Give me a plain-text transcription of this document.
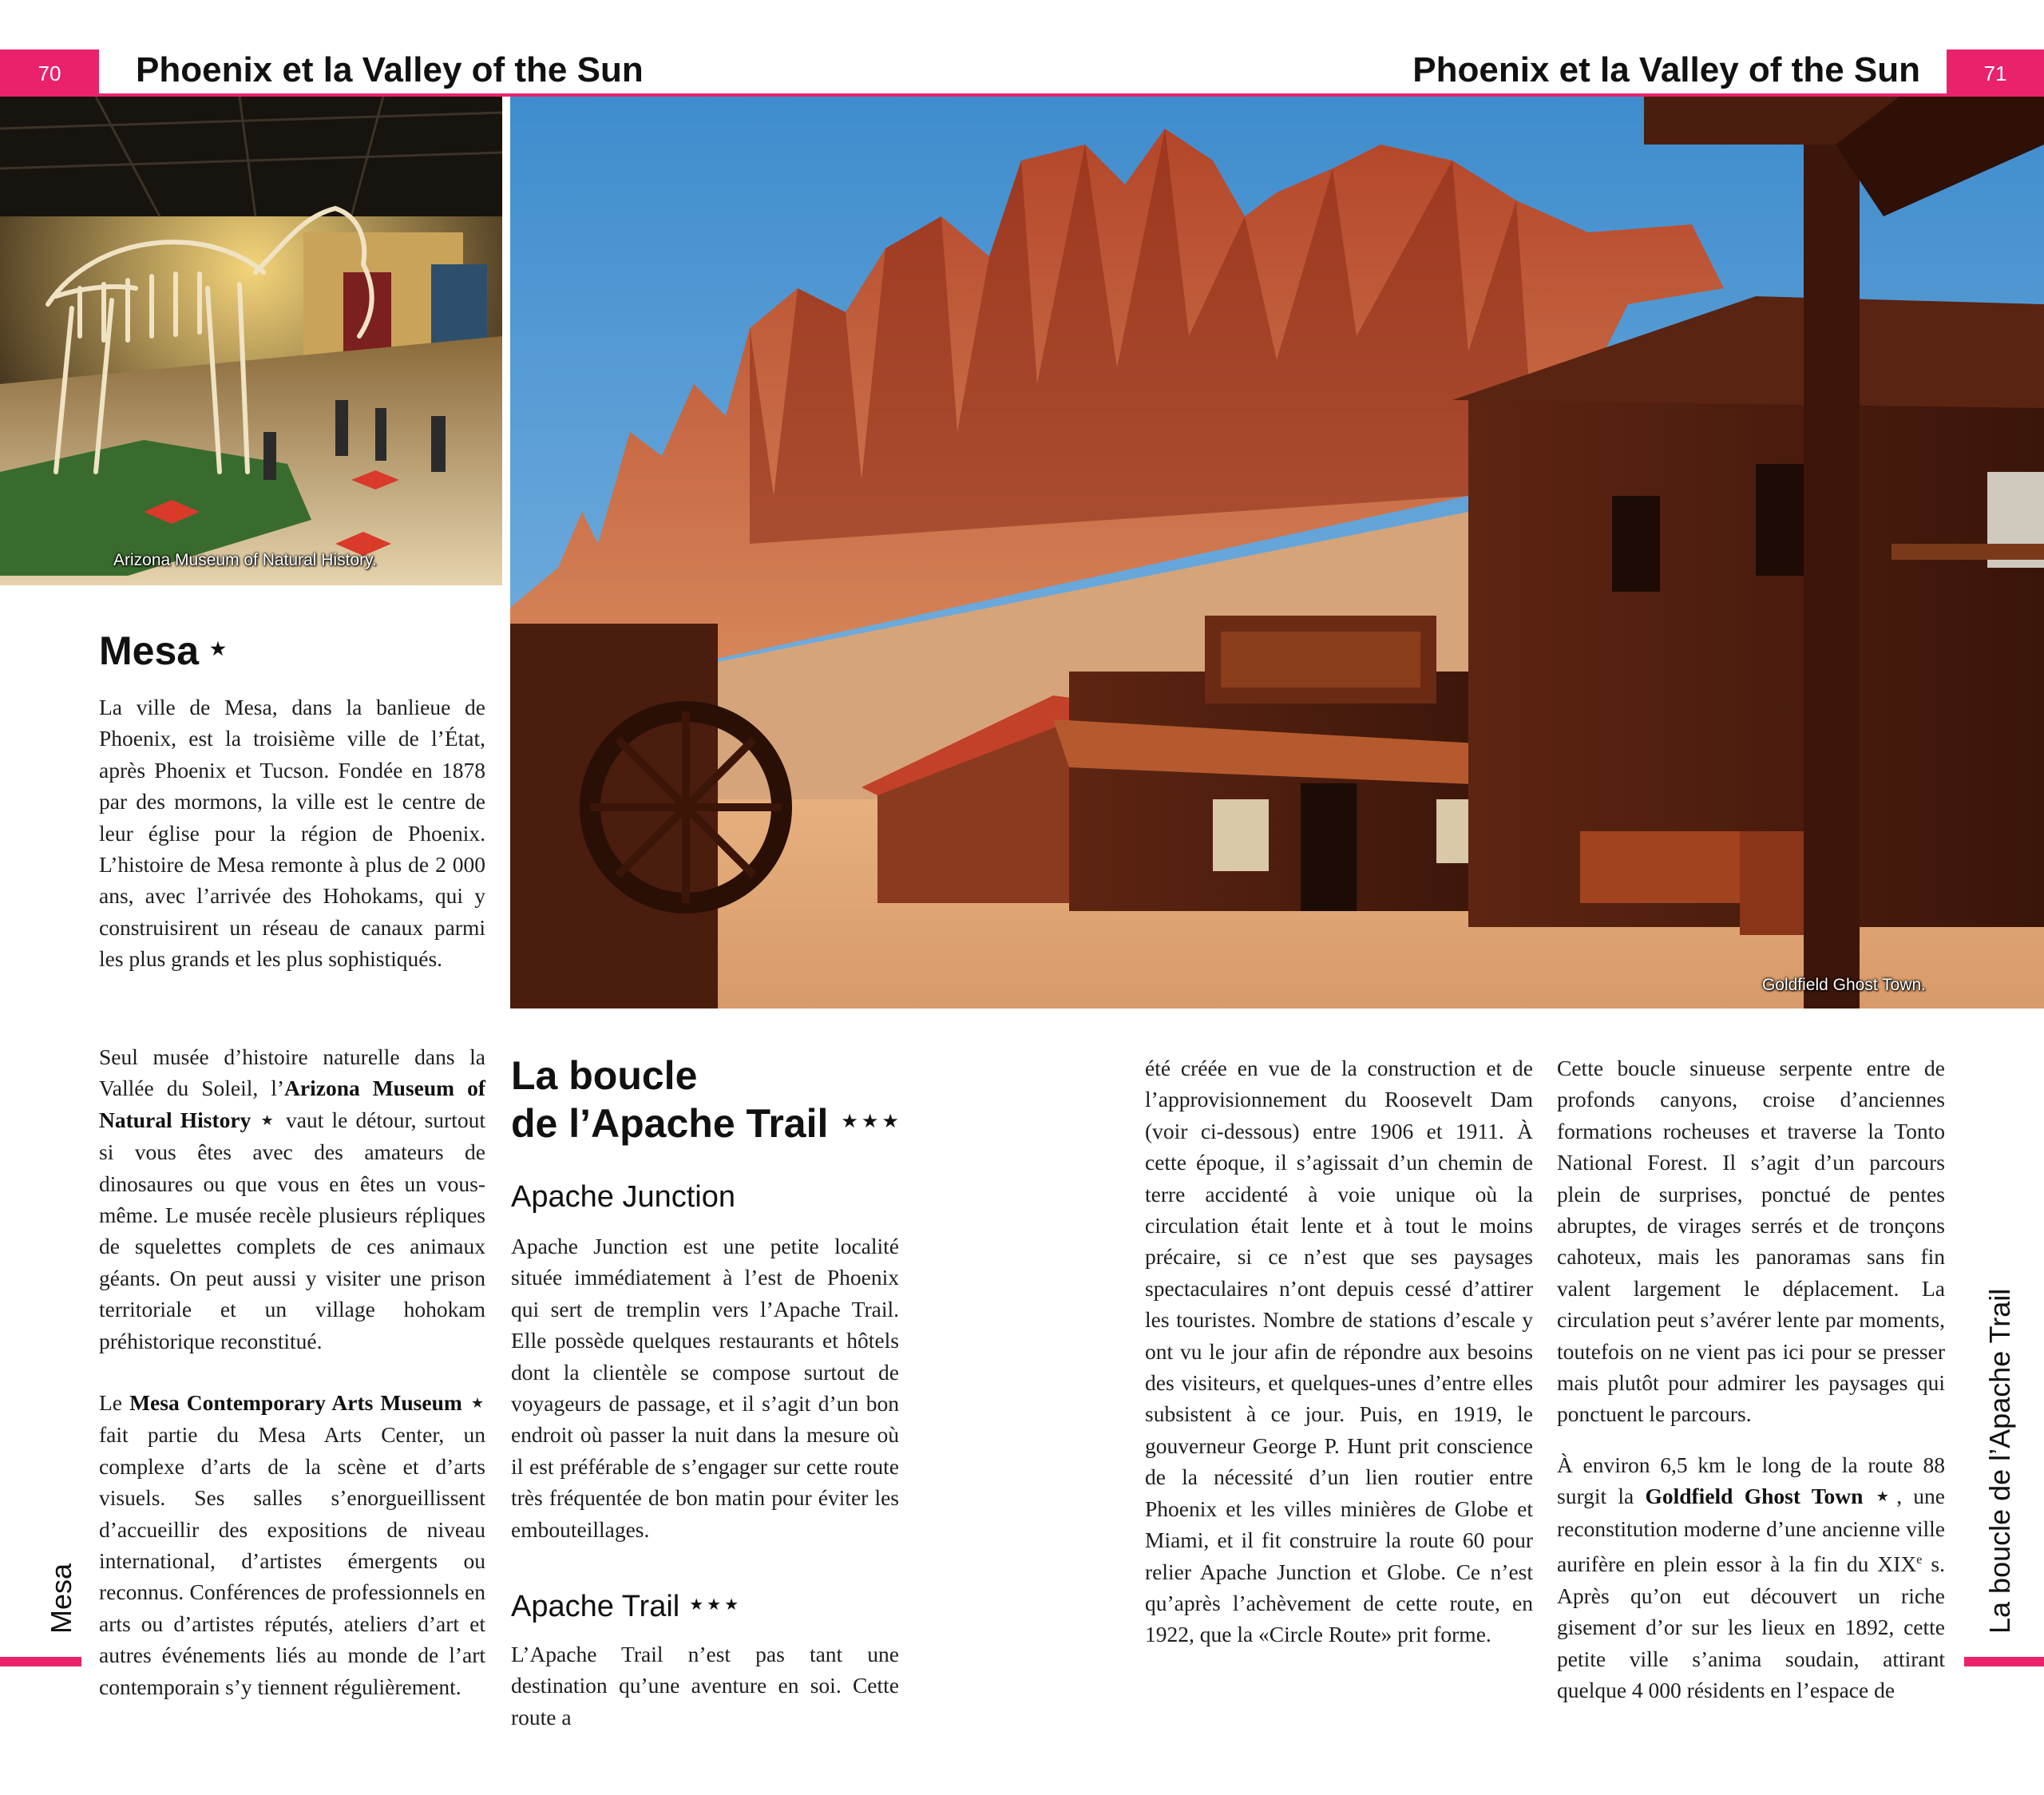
70	Phoenix et la Valley of the Sun	Phoenix et la Valley of the Sun	71
Arizona Museum of Natural History.
Goldfield Ghost Town.
Mesa ★

La ville de Mesa, dans la banlieue de Phoenix, est la troisième ville de l’État, après Phoenix et Tucson. Fondée en 1878 par des mormons, la ville est le centre de leur église pour la région de Phoenix. L’histoire de Mesa remonte à plus de 2 000 ans, avec l’arrivée des Hohokams, qui y construisirent un réseau de canaux parmi les plus grands et les plus sophistiqués.

Seul musée d’histoire naturelle dans la Vallée du Soleil, l’Arizona Museum of Natural History ★ vaut le détour, surtout si vous êtes avec des amateurs de dinosaures ou que vous en êtes un vous-même. Le musée recèle plusieurs répliques de squelettes complets de ces animaux géants. On peut aussi y visiter une prison territoriale et un village hohokam préhistorique reconstitué.

Le Mesa Contemporary Arts Museum ★ fait partie du Mesa Arts Center, un complexe d’arts de la scène et d’arts visuels. Ses salles s’enorgueillissent d’accueillir des expositions de niveau international, d’artistes émergents ou reconnus. Conférences de professionnels en arts ou d’artistes réputés, ateliers d’art et autres événements liés au monde de l’art contemporain s’y tiennent régulièrement.

La boucle
de l’Apache Trail ★★★
Apache Junction

Apache Junction est une petite localité située immédiatement à l’est de Phoenix qui sert de tremplin vers l’Apache Trail. Elle possède quelques restaurants et hôtels dont la clientèle se compose surtout de voyageurs de passage, et il s’agit d’un bon endroit où passer la nuit dans la mesure où il est préférable de s’engager sur cette route très fréquentée de bon matin pour éviter les embouteillages.

Apache Trail ★★★

L’Apache Trail n’est pas tant une destination qu’une aventure en soi. Cette route a

été créée en vue de la construction et de l’approvisionnement du Roosevelt Dam (voir ci-dessous) entre 1906 et 1911. À cette époque, il s’agissait d’un chemin de terre accidenté à voie unique où la circulation était lente et à tout le moins précaire, si ce n’est que ses paysages spectaculaires n’ont depuis cessé d’attirer les touristes. Nombre de stations d’escale y ont vu le jour afin de répondre aux besoins des visiteurs, et quelques-unes d’entre elles subsistent à ce jour. Puis, en 1919, le gouverneur George P. Hunt prit conscience de la nécessité d’un lien routier entre Phoenix et les villes minières de Globe et Miami, et il fit construire la route 60 pour relier Apache Junction et Globe. Ce n’est qu’après l’achèvement de cette route, en 1922, que la «Circle Route» prit forme.

Cette boucle sinueuse serpente entre de profonds canyons, croise d’anciennes formations rocheuses et traverse la Tonto National Forest. Il s’agit d’un parcours plein de surprises, ponctué de pentes abruptes, de virages serrés et de tronçons cahoteux, mais les panoramas sans fin valent largement le déplacement. La circulation peut s’avérer lente par moments, toutefois on ne vient pas ici pour se presser mais plutôt pour admirer les paysages qui ponctuent le parcours.

À environ 6,5 km le long de la route 88 surgit la Goldfield Ghost Town ★, une reconstitution moderne d’une ancienne ville aurifère en plein essor à la fin du XIXe s. Après qu’on eut découvert un riche gisement d’or sur les lieux en 1892, cette petite ville s’anima soudain, attirant quelque 4 000 résidents en l’espace de

Mesa	La boucle de l’Apache Trail
